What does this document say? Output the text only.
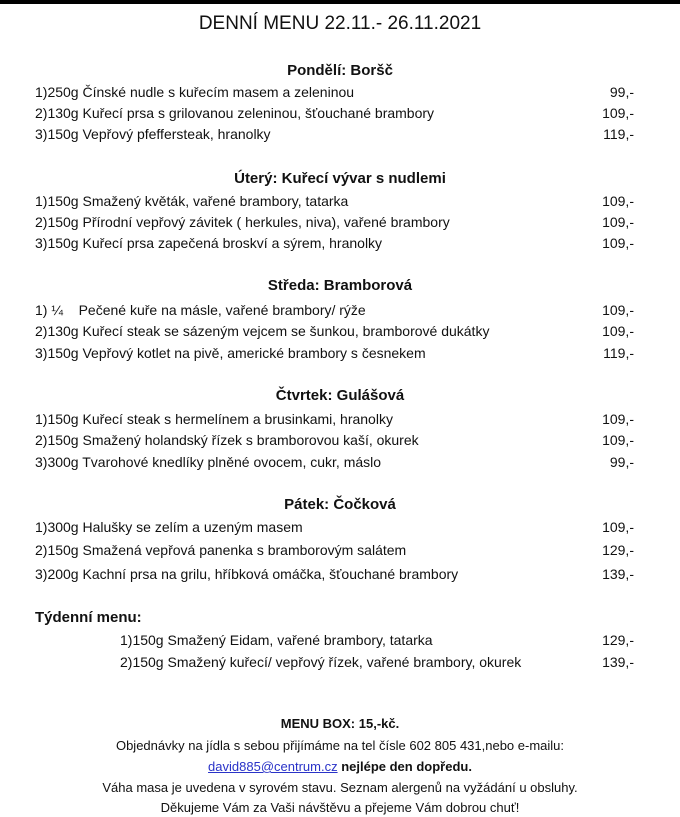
DENNÍ MENU 22.11.- 26.11.2021
Pondělí: Boršč
1)250g Čínské nudle s kuřecím masem a zeleninou	99,-
2)130g Kuřecí prsa s grilovanou zeleninou, šťouchané brambory	109,-
3)150g Vepřový pfeffersteak, hranolky	119,-
Úterý: Kuřecí vývar s nudlemi
1)150g Smažený květák, vařené brambory, tatarka	109,-
2)150g Přírodní vepřový závitek ( herkules, niva), vařené brambory	109,-
3)150g Kuřecí prsa zapečená broskví a sýrem, hranolky	109,-
Středa: Bramborová
1) ¼    Pečené kuře na másle, vařené brambory/ rýže	109,-
2)130g Kuřecí steak se sázeným vejcem se šunkou, bramborové dukátky	109,-
3)150g Vepřový kotlet na pivě, americké brambory s česnekem	119,-
Čtvrtek: Gulášová
1)150g Kuřecí steak s hermelínem a brusinkami, hranolky	109,-
2)150g Smažený holandský řízek s bramborovou kaší, okurek	109,-
3)300g Tvarohové knedlíky plněné ovocem, cukr, máslo	99,-
Pátek: Čočková
1)300g Halušky se zelím a uzeným masem	109,-
2)150g Smažená vepřová panenka s bramborovým salátem	129,-
3)200g Kachní prsa na grilu, hříbková omáčka, šťouchané brambory	139,-
Týdenní menu:
1)150g Smažený Eidam, vařené brambory, tatarka	129,-
2)150g Smažený kuřecí/ vepřový řízek, vařené brambory, okurek	139,-
MENU BOX: 15,-kč.
Objednávky na jídla s sebou přijímáme na tel čísle 602 805 431,nebo e-mailu:
david885@centrum.cz nejlépe den dopředu.
Váha masa je uvedena v syrovém stavu. Seznam alergenů na vyžádání u obsluhy.
Děkujeme Vám za Vaši návštěvu a přejeme Vám dobrou chuť!
